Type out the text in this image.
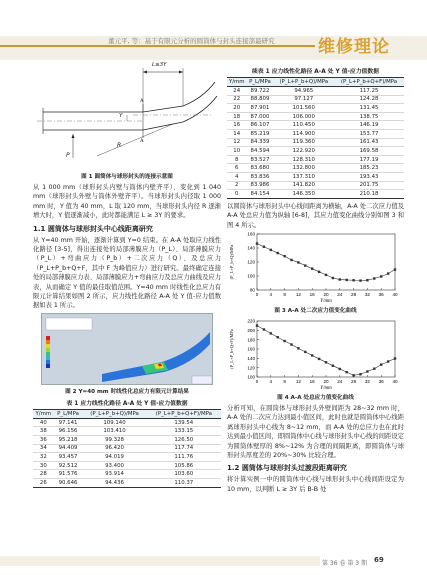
董元平, 等：基于有限元分析的圆筒体与封头连接部最研究	维修理论
A
A
L≥3Y
P
R
Y
图 1 圆筒体与球形封头的连接示意图

从 1 000 mm（球形封头内壁与筒体内壁齐平）、变化到 1 040 mm（球形封头外壁与筒体外壁齐平）。当球形封头内径取 1 000 mm 时，Y 值为 40 mm，L 取 120 mm，当球形封头内径 R 逐渐增大时，Y 值逐渐减小，此时都能满足 L ≥ 3Y 的要求。

1.1 圆筒体与球形封头中心线距离研究

从 Y=40 mm 开始，逐渐计算到 Y=0 结束。在 A-A 处取应力线性化路径 [3-5]，得出连接处的局部薄膜应力（P_L）、局部薄膜应力（P_L）+弯曲应力（P_b）+二次应力（Q）、及总应力（P_L+P_b+Q+F，其中 F 为峰值应力）进行研究。最终确定连接处的局部薄膜应力表、局部薄膜应力+弯曲应力及总应力曲线及应力表，从而确定 Y 值的最佳取值范围。Y=40 mm 时线性化总应力有限元计算结果如图 2 所示，应力线性化路径 A-A 处 Y 值-应力值数据如表 1 所示。

图 2 Y=40 mm 时线性化总应力有限元计算结果
表 1 应力线性化路径 A-A 处 Y 值-应力值数据
Y/mm	P_L/MPa	(P_L+P_b+Q)/MPa	(P_L+P_b+Q+F)/MPa
40	97.141	109.140	139.54
38	96.156	103.410	133.15
36	95.218	99.328	126.50
34	94.409	96.420	117.74
32	93.457	94.019	111.76
30	92.512	93.400	105.86
28	91.576	93.914	103.60
26	90.646	94.436	110.37
续表 1 应力线性化路径 A-A 处 Y 值-应力值数据
Y/mm	P_L/MPa	(P_L+P_b+Q)/MPa	(P_L+P_b+Q+F)/MPa
24	89.722	94.965	117.25
22	88.809	97.127	124.28
20	87.901	101.560	131.45
18	87.000	106.000	138.75
16	86.107	110.450	146.19
14	85.219	114.900	153.77
12	84.339	119.360	161.43
10	84.594	122.920	169.58
8	83.527	128.310	177.19
6	83.680	132.800	185.23
4	83.836	137.310	193.43
2	83.986	141.820	201.75
0	84.154	146.350	210.18

以圆筒体与球形封头中心线间距离为横轴，A-A 处二次应力值及 A-A 处总应力值为纵轴 [6-8]，其应力值变化曲线分别如图 3 和图 4 所示。

80
100
120
140
160
0 4 8 12 16 20 24 28 32 36 40
Y/mm
(P_L+P_b+Q)/MPa
图 3 A-A 处二次应力值变化曲线
100
120
140
160
180
200
220
0 4 8 12 16 20 24 28 32 36 40
Y/mm
(P_L+P_b+Q+F)/MPa
图 4 A-A 处总应力值变化曲线

分析可知，在圆筒体与球形封头外壁间距为 28~32 mm 时，A-A 处的二次应力达到最小值区间，此时也就是圆筒体中心线距离球形封头中心线为 8~12 mm，而 A-A 处的总应力也在此时达到最小值区间，即圆筒体中心线与球形封头中心线的间距设定为圆筒体壁厚的 8%~12% 为合理的间隔距离，即圆筒体与球形封头厚度差的 20%~30% 比较合理。

1.2 圆筒体与球形封头过渡段距离研究

将计算实例一中的圆筒体中心线与球形封头中心线间距设定为 10 mm，以判断 L ≥ 3Y 后 B-B 处

第 36 卷 第 3 期 69
